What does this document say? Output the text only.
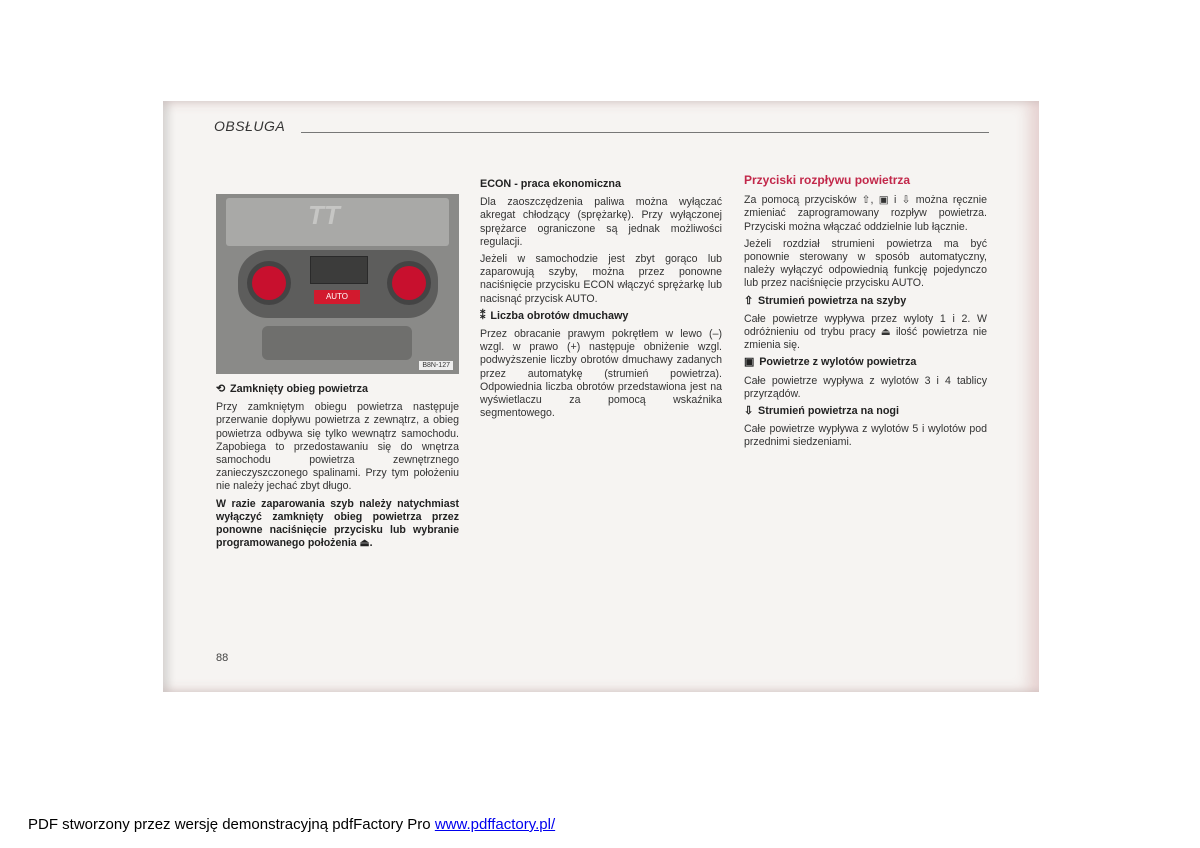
OBSŁUGA
TT
AUTO
B8N-127
⟲ Zamknięty obieg powietrza

Przy zamkniętym obiegu powietrza następuje przerwanie dopływu powietrza z zewnątrz, a obieg powietrza odbywa się tylko wewnątrz samochodu. Zapobiega to przedostawaniu się do wnętrza samochodu powietrza zewnętrznego zanieczyszczonego spalinami. Przy tym położeniu nie należy jechać zbyt długo.

W razie zaparowania szyb należy natychmiast wyłączyć zamknięty obieg powietrza przez ponowne naciśnięcie przycisku lub wybranie programowanego położenia ⏏.

ECON - praca ekonomiczna

Dla zaoszczędzenia paliwa można wyłączać akregat chłodzący (sprężarkę). Przy wyłączonej sprężarce ograniczone są jednak możliwości regulacji.

Jeżeli w samochodzie jest zbyt gorąco lub zaparowują szyby, można przez ponowne naciśnięcie przycisku ECON włączyć sprężarkę lub nacisnąć przycisk AUTO.

⁑ Liczba obrotów dmuchawy

Przez obracanie prawym pokrętłem w lewo (–) wzgl. w prawo (+) następuje obniżenie wzgl. podwyższenie liczby obrotów dmuchawy zadanych przez automatykę (strumień powietrza). Odpowiednia liczba obrotów przedstawiona jest na wyświetlaczu za pomocą wskaźnika segmentowego.

Przyciski rozpływu powietrza

Za pomocą przycisków ⇧, ▣ i ⇩ można ręcznie zmieniać zaprogramowany rozpływ powietrza. Przyciski można włączać oddzielnie lub łącznie.

Jeżeli rozdział strumieni powietrza ma być ponownie sterowany w sposób automatyczny, należy wyłączyć odpowiednią funkcję pojedynczo lub przez naciśnięcie przycisku AUTO.

⇧ Strumień powietrza na szyby

Całe powietrze wypływa przez wyloty 1 i 2. W odróżnieniu od trybu pracy ⏏ ilość powietrza nie zmienia się.

▣ Powietrze z wylotów powietrza

Całe powietrze wypływa z wylotów 3 i 4 tablicy przyrządów.

⇩ Strumień powietrza na nogi

Całe powietrze wypływa z wylotów 5 i wylotów pod przednimi siedzeniami.

88
PDF stworzony przez wersję demonstracyjną pdfFactory Pro www.pdffactory.pl/
